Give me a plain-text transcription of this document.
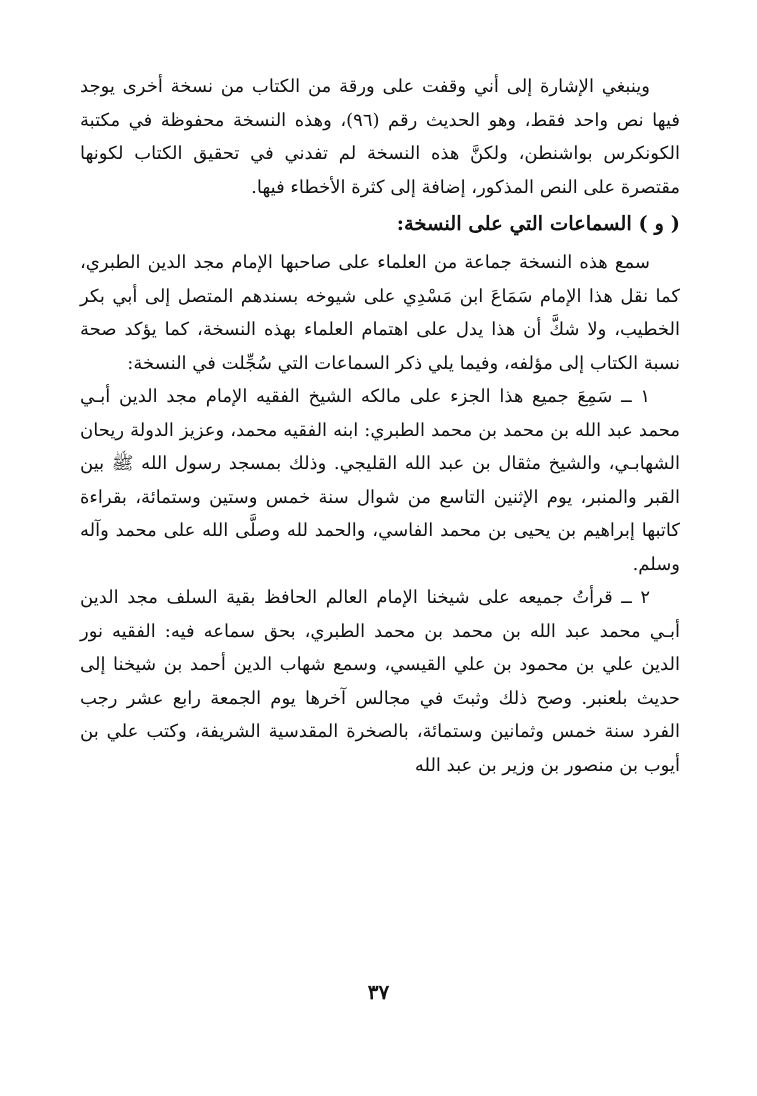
وينبغي الإشارة إلى أني وقفت على ورقة من الكتاب من نسخة أخرى يوجد فيها نص واحد فقط، وهو الحديث رقم (٩٦)، وهذه النسخة محفوظة في مكتبة الكونكرس بواشنطن، ولكنَّ هذه النسخة لم تفدني في تحقيق الكتاب لكونها مقتصرة على النص المذكور، إضافة إلى كثرة الأخطاء فيها.

( و ) السماعات التي على النسخة:

سمع هذه النسخة جماعة من العلماء على صاحبها الإمام مجد الدين الطبري، كما نقل هذا الإمام سَمَاعَ ابن مَسْدِي على شيوخه بسندهم المتصل إلى أبي بكر الخطيب، ولا شكَّ أن هذا يدل على اهتمام العلماء بهذه النسخة، كما يؤكد صحة نسبة الكتاب إلى مؤلفه، وفيما يلي ذكر السماعات التي سُجِّلت في النسخة:

١ ــ سَمِعَ جميع هذا الجزء على مالكه الشيخ الفقيه الإمام مجد الدين أبـي محمد عبد الله بن محمد بن محمد الطبري: ابنه الفقيه محمد، وعزيز الدولة ريحان الشهابـي، والشيخ مثقال بن عبد الله القليجي. وذلك بمسجد رسول الله ﷺ بين القبر والمنبر، يوم الإثنين التاسع من شوال سنة خمس وستين وستمائة، بقراءة كاتبها إبراهيم بن يحيى بن محمد الفاسي، والحمد لله وصلَّى الله على محمد وآله وسلم.

٢ ــ قرأتُ جميعه على شيخنا الإمام العالم الحافظ بقية السلف مجد الدين أبـي محمد عبد الله بن محمد بن محمد الطبري، بحق سماعه فيه: الفقيه نور الدين علي بن محمود بن علي القيسي، وسمع شهاب الدين أحمد بن شيخنا إلى حديث بلعنبر. وصح ذلك وثبتَ في مجالس آخرها يوم الجمعة رابع عشر رجب الفرد سنة خمس وثمانين وستمائة، بالصخرة المقدسية الشريفة، وكتب علي بن أيوب بن منصور بن وزير بن عبد الله

٣٧
